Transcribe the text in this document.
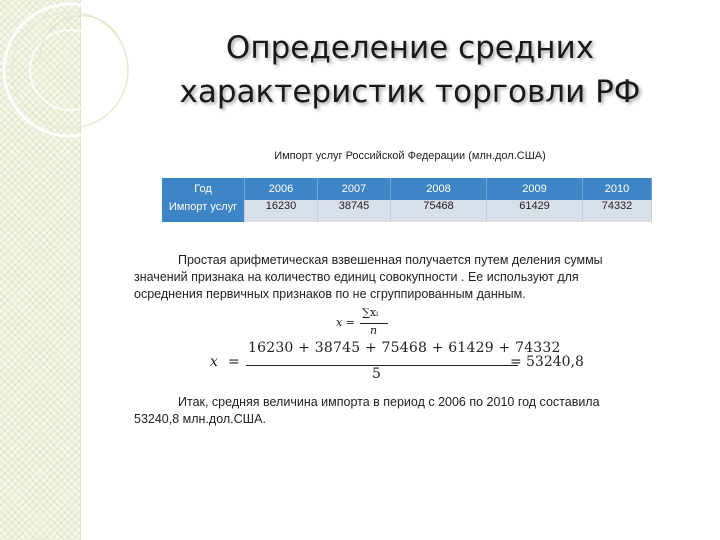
Определение средних характеристик торговли РФ
Импорт услуг Российской Федерации (млн.дол.США)
Год	2006	2007	2008	2009	2010
Импорт услуг	16230	38745	75468	61429	74332
Простая арифметическая взвешенная получается путем деления суммы
значений признака на количество единиц совокупности . Ее используют для
осреднения первичных признаков по не сгруппированным данным.
x =
∑xᵢ
n
x =
16230 + 38745 + 75468 + 61429 + 74332
5
= 53240,8
Итак, средняя величина импорта в период с 2006 по 2010 год составила
53240,8 млн.дол.США.
